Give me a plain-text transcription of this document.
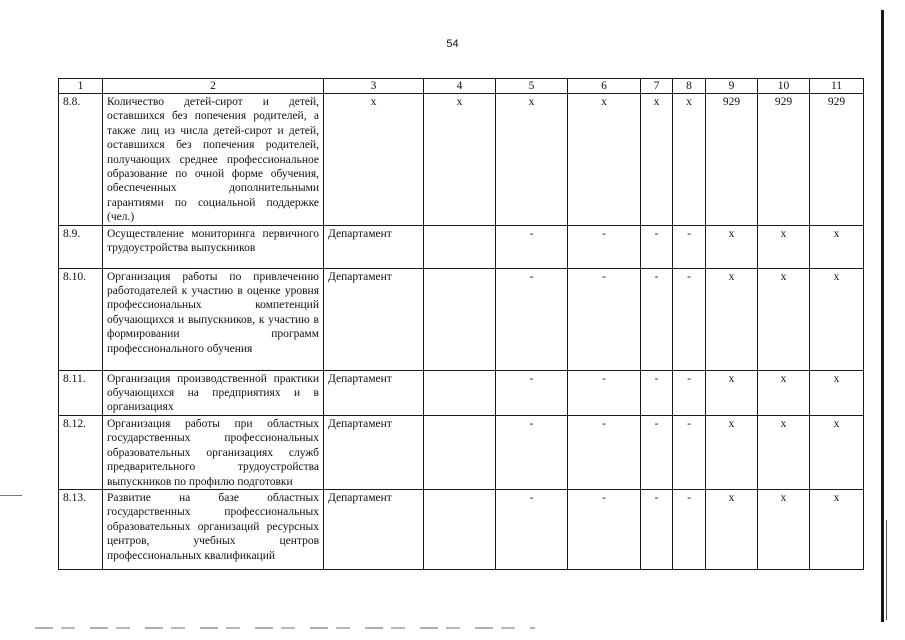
54
1	2	3	4	5	6	7	8	9	10	11
8.8.	Количество детей-сирот и детей, оставшихся без попечения родителей, а также лиц из числа детей-сирот и детей, оставшихся без попечения родителей, получающих среднее профессиональное образование по очной форме обучения, обеспеченных дополнительными гарантиями по социальной поддержке (чел.)	х	х	х	х	х	х	929	929	929
8.9.	Осуществление мониторинга первичного трудоустройства выпускников	Департамент		-	-	-	-	х	х	х
8.10.	Организация работы по привлечению работодателей к участию в оценке уровня профессиональных компетенций обучающихся и выпускников, к участию в формировании программ профессионального обучения	Департамент		-	-	-	-	х	х	х
8.11.	Организация производственной практики обучающихся на предприятиях и в организациях	Департамент		-	-	-	-	х	х	х
8.12.	Организация работы при областных государственных профессиональных образовательных организациях служб предварительного трудоустройства выпускников по профилю подготовки	Департамент		-	-	-	-	х	х	х
8.13.	Развитие на базе областных государственных профессиональных образовательных организаций ресурсных центров, учебных центров профессиональных квалификаций	Департамент		-	-	-	-	х	х	х
